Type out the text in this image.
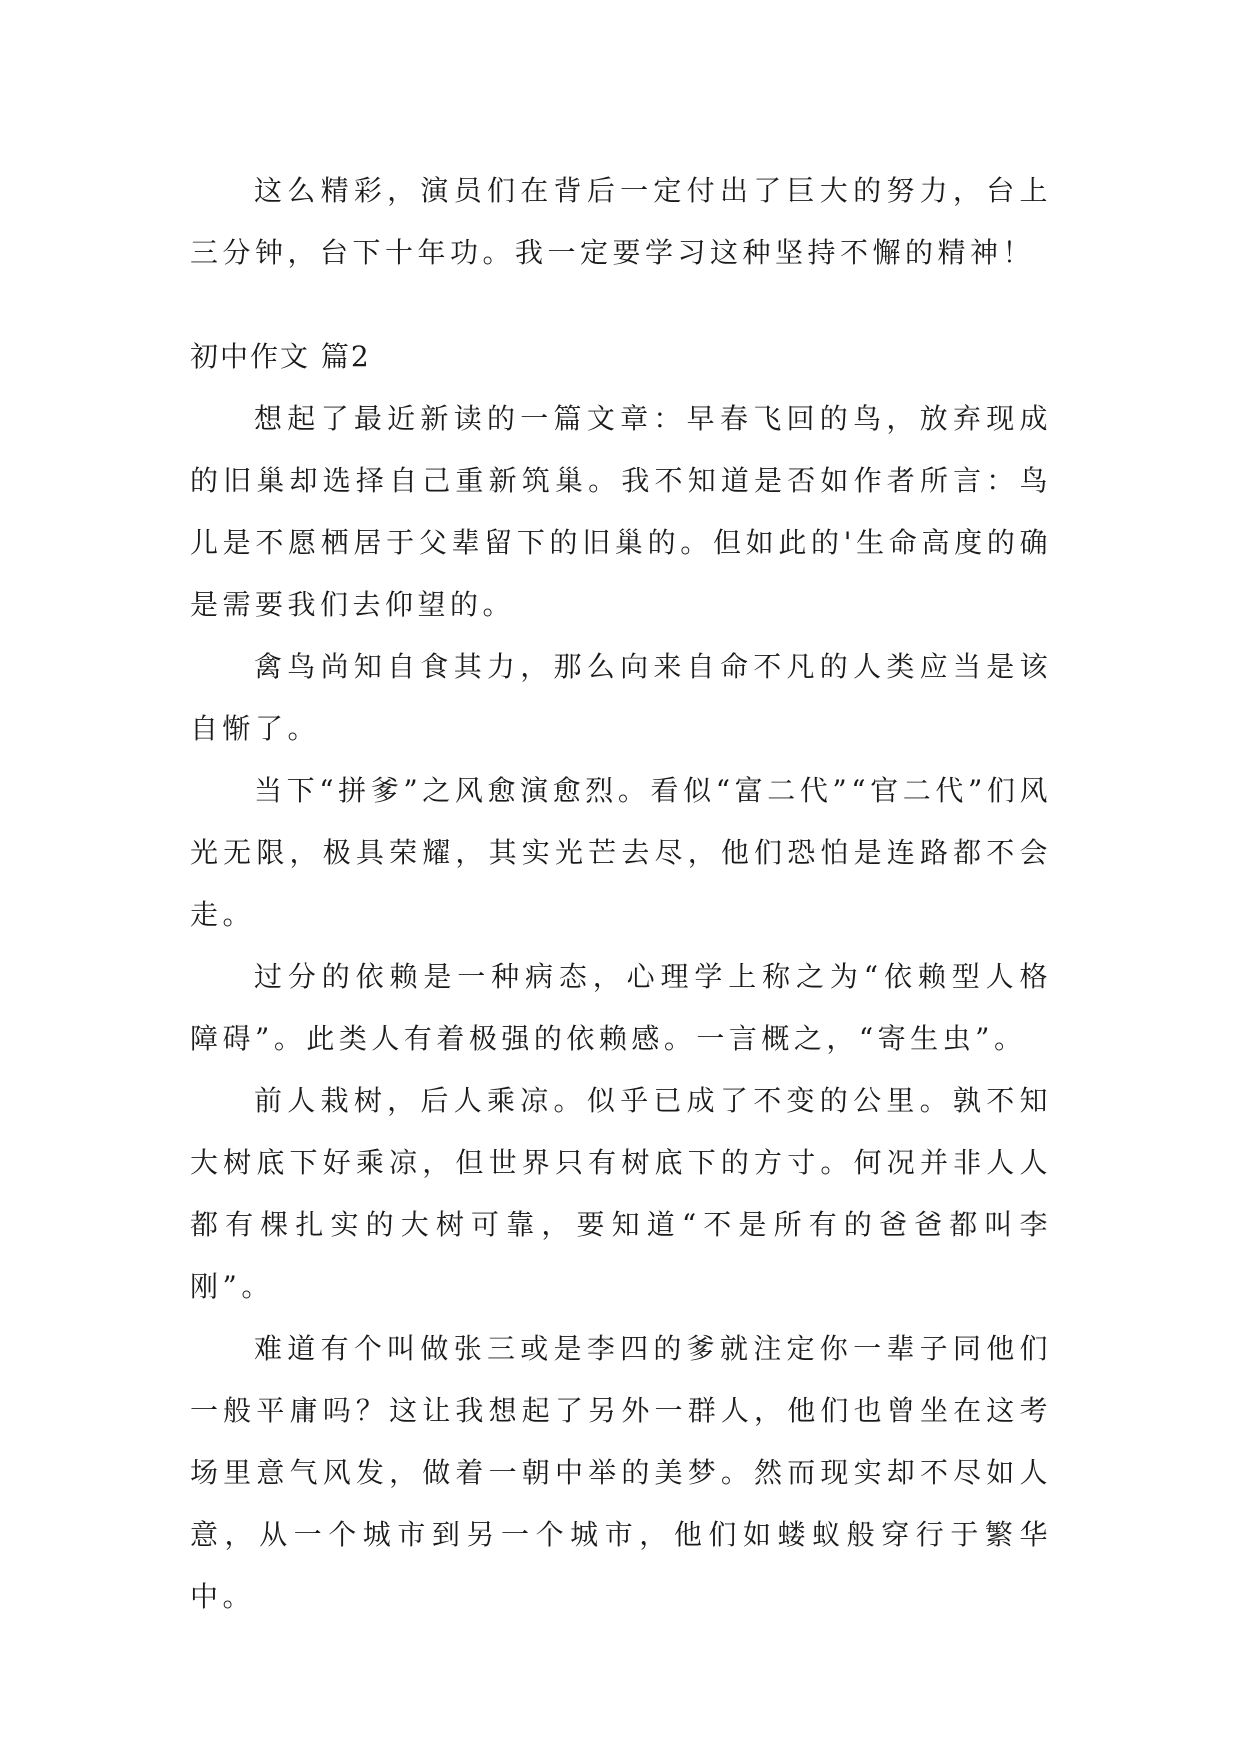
这么精彩，演员们在背后一定付出了巨大的努力，台上三分钟，台下十年功。我一定要学习这种坚持不懈的精神！

初中作文 篇2

想起了最近新读的一篇文章：早春飞回的鸟，放弃现成的旧巢却选择自己重新筑巢。我不知道是否如作者所言：鸟儿是不愿栖居于父辈留下的旧巢的。但如此的'生命高度的确是需要我们去仰望的。

禽鸟尚知自食其力，那么向来自命不凡的人类应当是该自惭了。

当下“拼爹”之风愈演愈烈。看似“富二代”“官二代”们风光无限，极具荣耀，其实光芒去尽，他们恐怕是连路都不会走。

过分的依赖是一种病态，心理学上称之为“依赖型人格障碍”。此类人有着极强的依赖感。一言概之，“寄生虫”。

前人栽树，后人乘凉。似乎已成了不变的公里。孰不知大树底下好乘凉，但世界只有树底下的方寸。何况并非人人都有棵扎实的大树可靠，要知道“不是所有的爸爸都叫李刚”。

难道有个叫做张三或是李四的爹就注定你一辈子同他们一般平庸吗？这让我想起了另外一群人，他们也曾坐在这考场里意气风发，做着一朝中举的美梦。然而现实却不尽如人意，从一个城市到另一个城市，他们如蝼蚁般穿行于繁华中。
